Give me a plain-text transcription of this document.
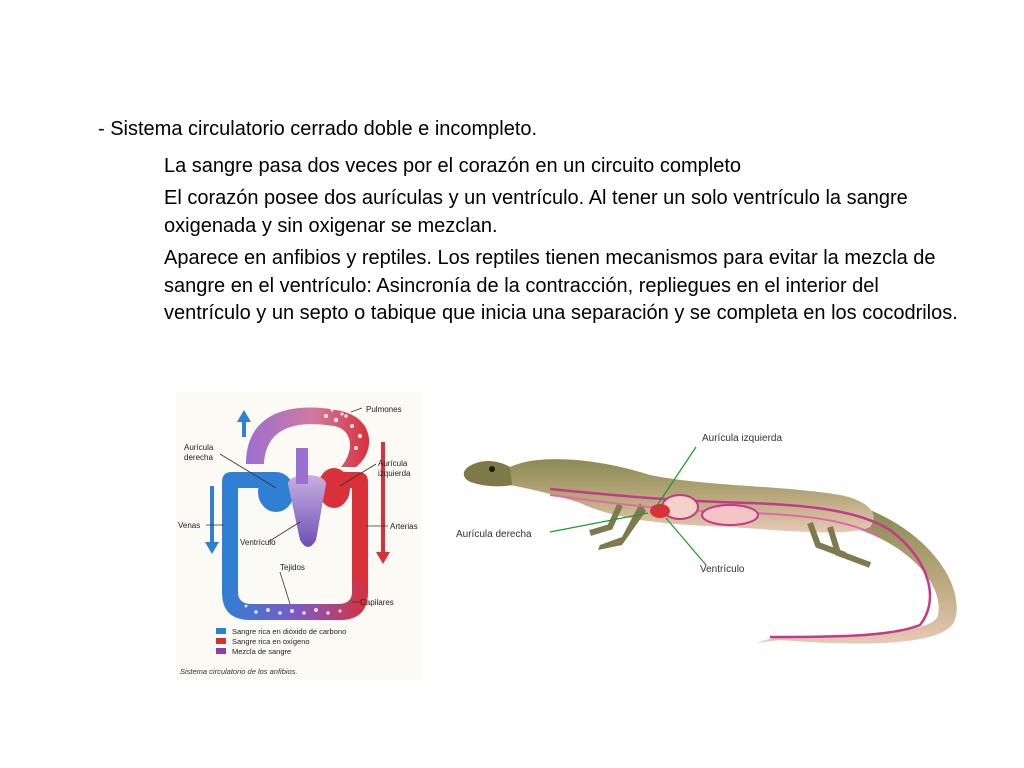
- Sistema circulatorio cerrado doble e incompleto.
La sangre pasa dos veces por el corazón en un circuito completo
El corazón posee dos aurículas y un ventrículo. Al tener un solo ventrículo la sangre oxigenada y sin oxigenar se mezclan.
Aparece en anfibios y reptiles. Los reptiles tienen mecanismos para evitar la mezcla de sangre en el ventrículo: Asincronía de la contracción, repliegues en el interior del ventrículo y un septo o tabique que inicia una separación y se completa en los cocodrilos.
Pulmones
Aurícula
derecha
Aurícula
izquierda
Venas	Arterias
Ventrículo
Tejidos
Capilares
Sangre rica en dióxido de carbono
Sangre rica en oxígeno
Mezcla de sangre
Sistema circulatorio de los anfibios.
Aurícula izquierda
Aurícula derecha
Ventrículo
